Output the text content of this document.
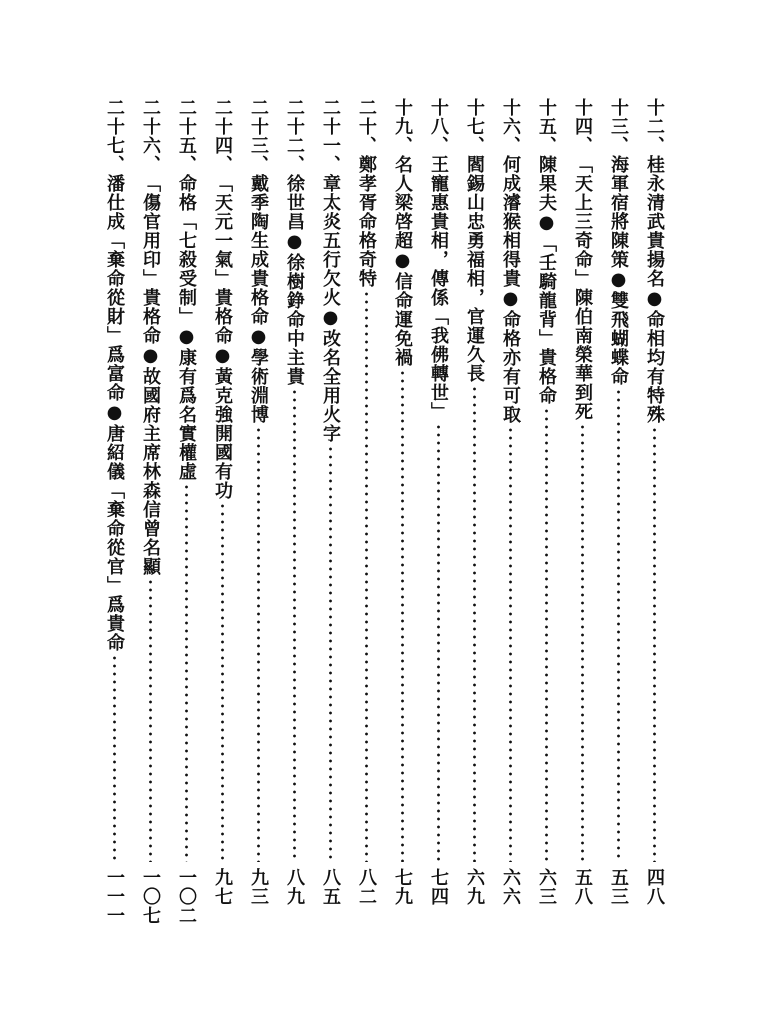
十二、
桂永清武貴揚名●命相均有特殊
四八
十三、
海軍宿將陳策●雙飛蝴蝶命
五三
十四、
「天上三奇命」陳伯南榮華到死
五八
十五、
陳果夫●「壬騎龍背」貴格命
六三
十六、
何成濬猴相得貴●命格亦有可取
六六
十七、
閻錫山忠勇福相，官運久長
六九
十八、
王寵惠貴相，傳係「我佛轉世」
七四
十九、
名人梁啓超●信命運免禍
七九
二十、
鄭孝胥命格奇特
八二
二十一、
章太炎五行欠火●改名全用火字
八五
二十二、
徐世昌●徐樹錚命中主貴
八九
二十三、
戴季陶生成貴格命●學術淵博
九三
二十四、
「天元一氣」貴格命●黃克強開國有功
九七
二十五、
命格「七殺受制」●康有爲名實權虛
一〇二
二十六、
「傷官用印」貴格命●故國府主席林森信曾名顯
一〇七
二十七、
潘仕成「棄命從財」爲富命●唐紹儀「棄命從官」爲貴命
一一一
